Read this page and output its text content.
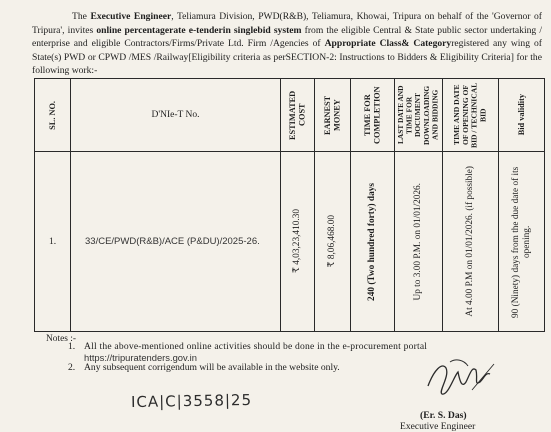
The Executive Engineer, Teliamura Division, PWD(R&B), Teliamura, Khowai, Tripura on behalf of the 'Governor of Tripura', invites online percentagerate e-tenderin singlebid system from the eligible Central & State public sector undertaking / enterprise and eligible Contractors/Firms/Private Ltd. Firm /Agencies of Appropriate Class& Categoryregistered any wing of State(s) PWD or CPWD /MES /Railway[Eligibility criteria as perSECTION-2: Instructions to Bidders & Eligibility Criteria] for the following work:-
SL. NO.	D'NIe-T No.	ESTIMATED COST	EARNEST MONEY	TIME FOR COMPLETION	LAST DATE AND TIME FOR DOCUMENT DOWNLOADING AND BIDDING	TIME AND DATE OF OPENING OF BID / TECHNICAL BID	Bid validity

1.	33/CE/PWD(R&B)/ACE (P&DU)/2025-26.	₹ 4,03,23,410.30	₹ 8,06,468.00	240 (Two hundred forty) days	Up to 3.00 P.M. on 01/01/2026.	At 4.00 P.M on 01/01/2026. (if possible)	90 (Ninety) days from the due date of its opening.
Notes :-
1. All the above-mentioned online activities should be done in the e-procurement portal
https://tripuratenders.gov.in
2. Any subsequent corrigendum will be available in the website only.
ICA|C|3558|25
(Er. S. Das)
Executive Engineer
